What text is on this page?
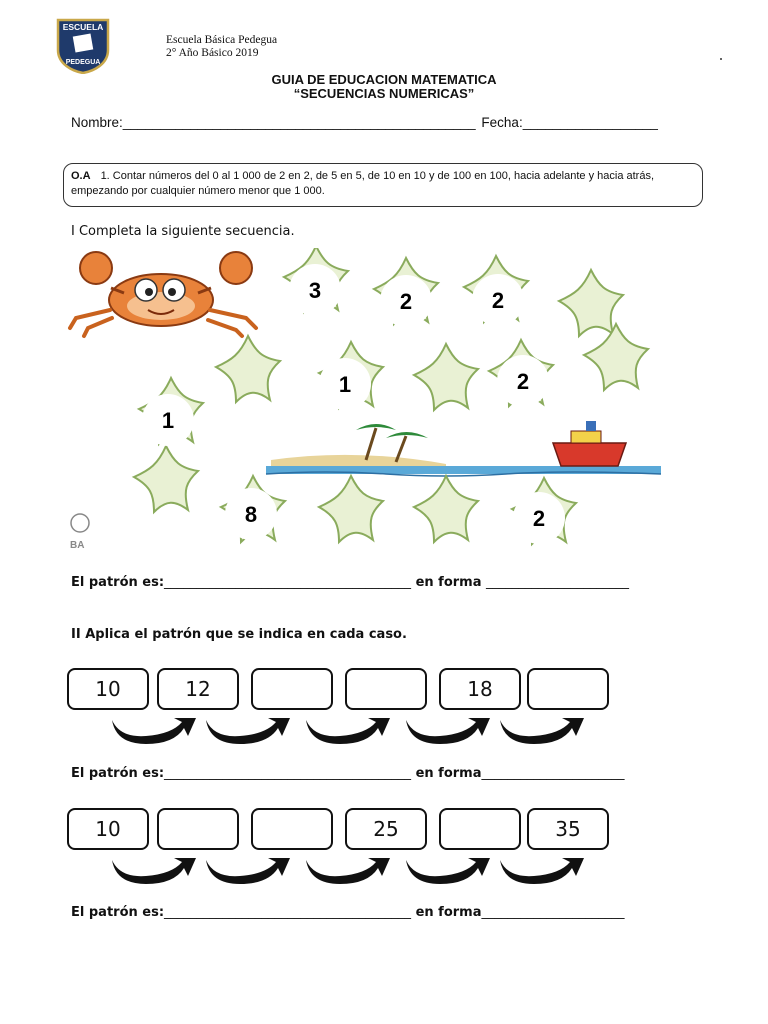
ESCUELA
PEDEGUA
Escuela Básica Pedegua
2° Año Básico 2019
GUIA DE EDUCACION MATEMATICA
“SECUENCIAS NUMERICAS”
Nombre:_______________________________________________ Fecha:__________________
O.A 1. Contar números del 0 al 1 000 de 2 en 2, de 5 en 5, de 10 en 10 y de 100 en 100, hacia adelante y hacia atrás, empezando por cualquier número menor que 1 000.
I Completa la siguiente secuencia.
3	2	2
1	2
1
8	2
BA
El patrón es:______________________________________ en forma ______________________
II Aplica el patrón que se indica en cada caso.
10	12	18
El patrón es:______________________________________ en forma______________________
10	25	35
El patrón es:______________________________________ en forma______________________
